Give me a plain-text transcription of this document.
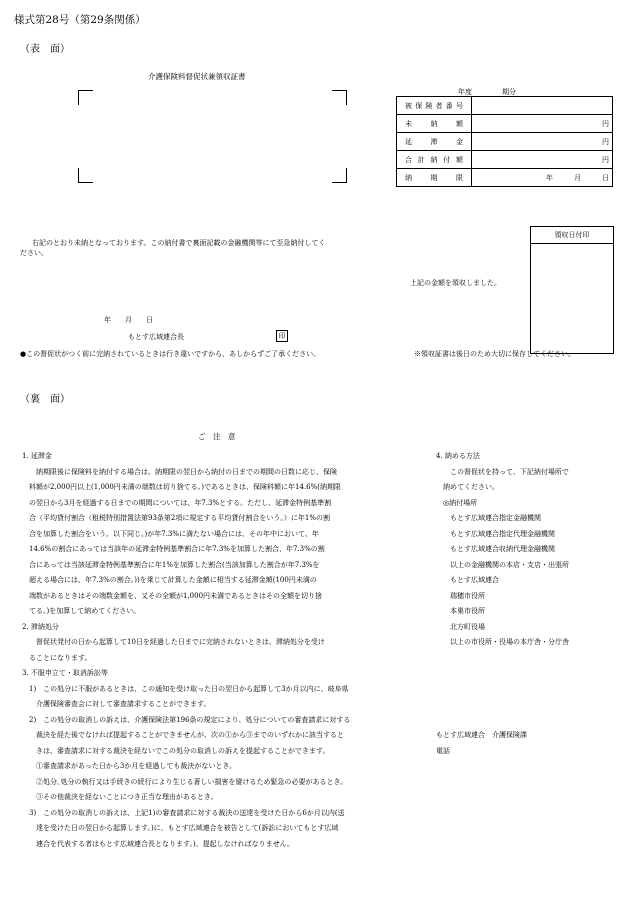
様式第28号（第29条関係）
（表　面）
介護保険料督促状兼領収証書
年度	期分
被保険者番号	
未納額	円
延滞金	円
合計納付額	円
納期限	年　　　月　　　日
右記のとおり未納となっております。この納付書で裏面記載の金融機関等にて至急納付してく
ださい。
領収日付印
上記の金額を領収しました。
年　　月　　日
もとす広域連合長	印
●この督促状がつく前に完納されているときは行き違いですから、あしからずご了承ください。	※領収証書は後日のため大切に保存してください。
（裏　面）
ご　注　意
1. 延滞金
　　納期限後に保険料を納付する場合は、納期限の翌日から納付の日までの期間の日数に応じ、保険
　料額が2,000円以上(1,000円未満の端数は切り捨てる。)であるときは、保険料額に年14.6%(納期限
　の翌日から3月を経過する日までの期間については、年7.3%とする。ただし、延滞金特例基準割
　合（平均貸付割合（租税特別措置法第93条第2項に規定する平均貸付割合をいう。）に年1%の割
　合を加算した割合をいう。以下同じ。)が年7.3%に満たない場合には、その年中において、年
　14.6%の割合にあっては当該年の延滞金特例基準割合に年7.3%を加算した割合、年7.3%の割
　合にあっては当該延滞金特例基準割合に年1%を加算した割合(当該加算した割合が年7.3%を
　超える場合には、年7.3%の割合。))を乗じて計算した金額に相当する延滞金額(100円未満の
　端数があるときはその端数金額を、又その全額が1,000円未満であるときはその全額を切り捨
　てる。)を加算して納めてください。
2. 滞納処分
　　督促状発付の日から起算して10日を経過した日までに完納されないときは、滞納処分を受け
　ることになります。
3. 不服申立て・取消訴訟等
　1)　この処分に不服があるときは、この通知を受け取った日の翌日から起算して3か月以内に、岐阜県
　　介護保険審査会に対して審査請求することができます。
　2)　この処分の取消しの訴えは、介護保険法第196条の規定により、処分についての審査請求に対する
　　裁決を経た後でなければ提起することができませんが、次の①から③までのいずれかに該当すると
　　きは、審査請求に対する裁決を経ないでこの処分の取消しの訴えを提起することができます。
　　①審査請求があった日から3か月を経過しても裁決がないとき。
　　②処分､処分の執行又は手続きの続行により生じる著しい損害を避けるため緊急の必要があるとき。
　　③その他裁決を経ないことにつき正当な理由があるとき。
　3)　この処分の取消しの訴えは、上記1)の審査請求に対する裁決の送達を受けた日から6か月以内(送
　　達を受けた日の翌日から起算します。)に、もとす広域連合を被告として(訴訟においてもとす広域
　　連合を代表する者はもとす広域連合長となります。)、提起しなければなりません。
4. 納める方法
　　この督促状を持って、下記納付場所で
　納めてください。
　◎納付場所
　　もとす広域連合指定金融機関
　　もとす広域連合指定代理金融機関
　　もとす広域連合収納代理金融機関
　　以上の金融機関の本店・支店・出張所
　　もとす広域連合
　　瑞穂市役所
　　本巣市役所
　　北方町役場
　　以上の市役所・役場の本庁舎・分庁舎
もとす広域連合　介護保険課
電話
